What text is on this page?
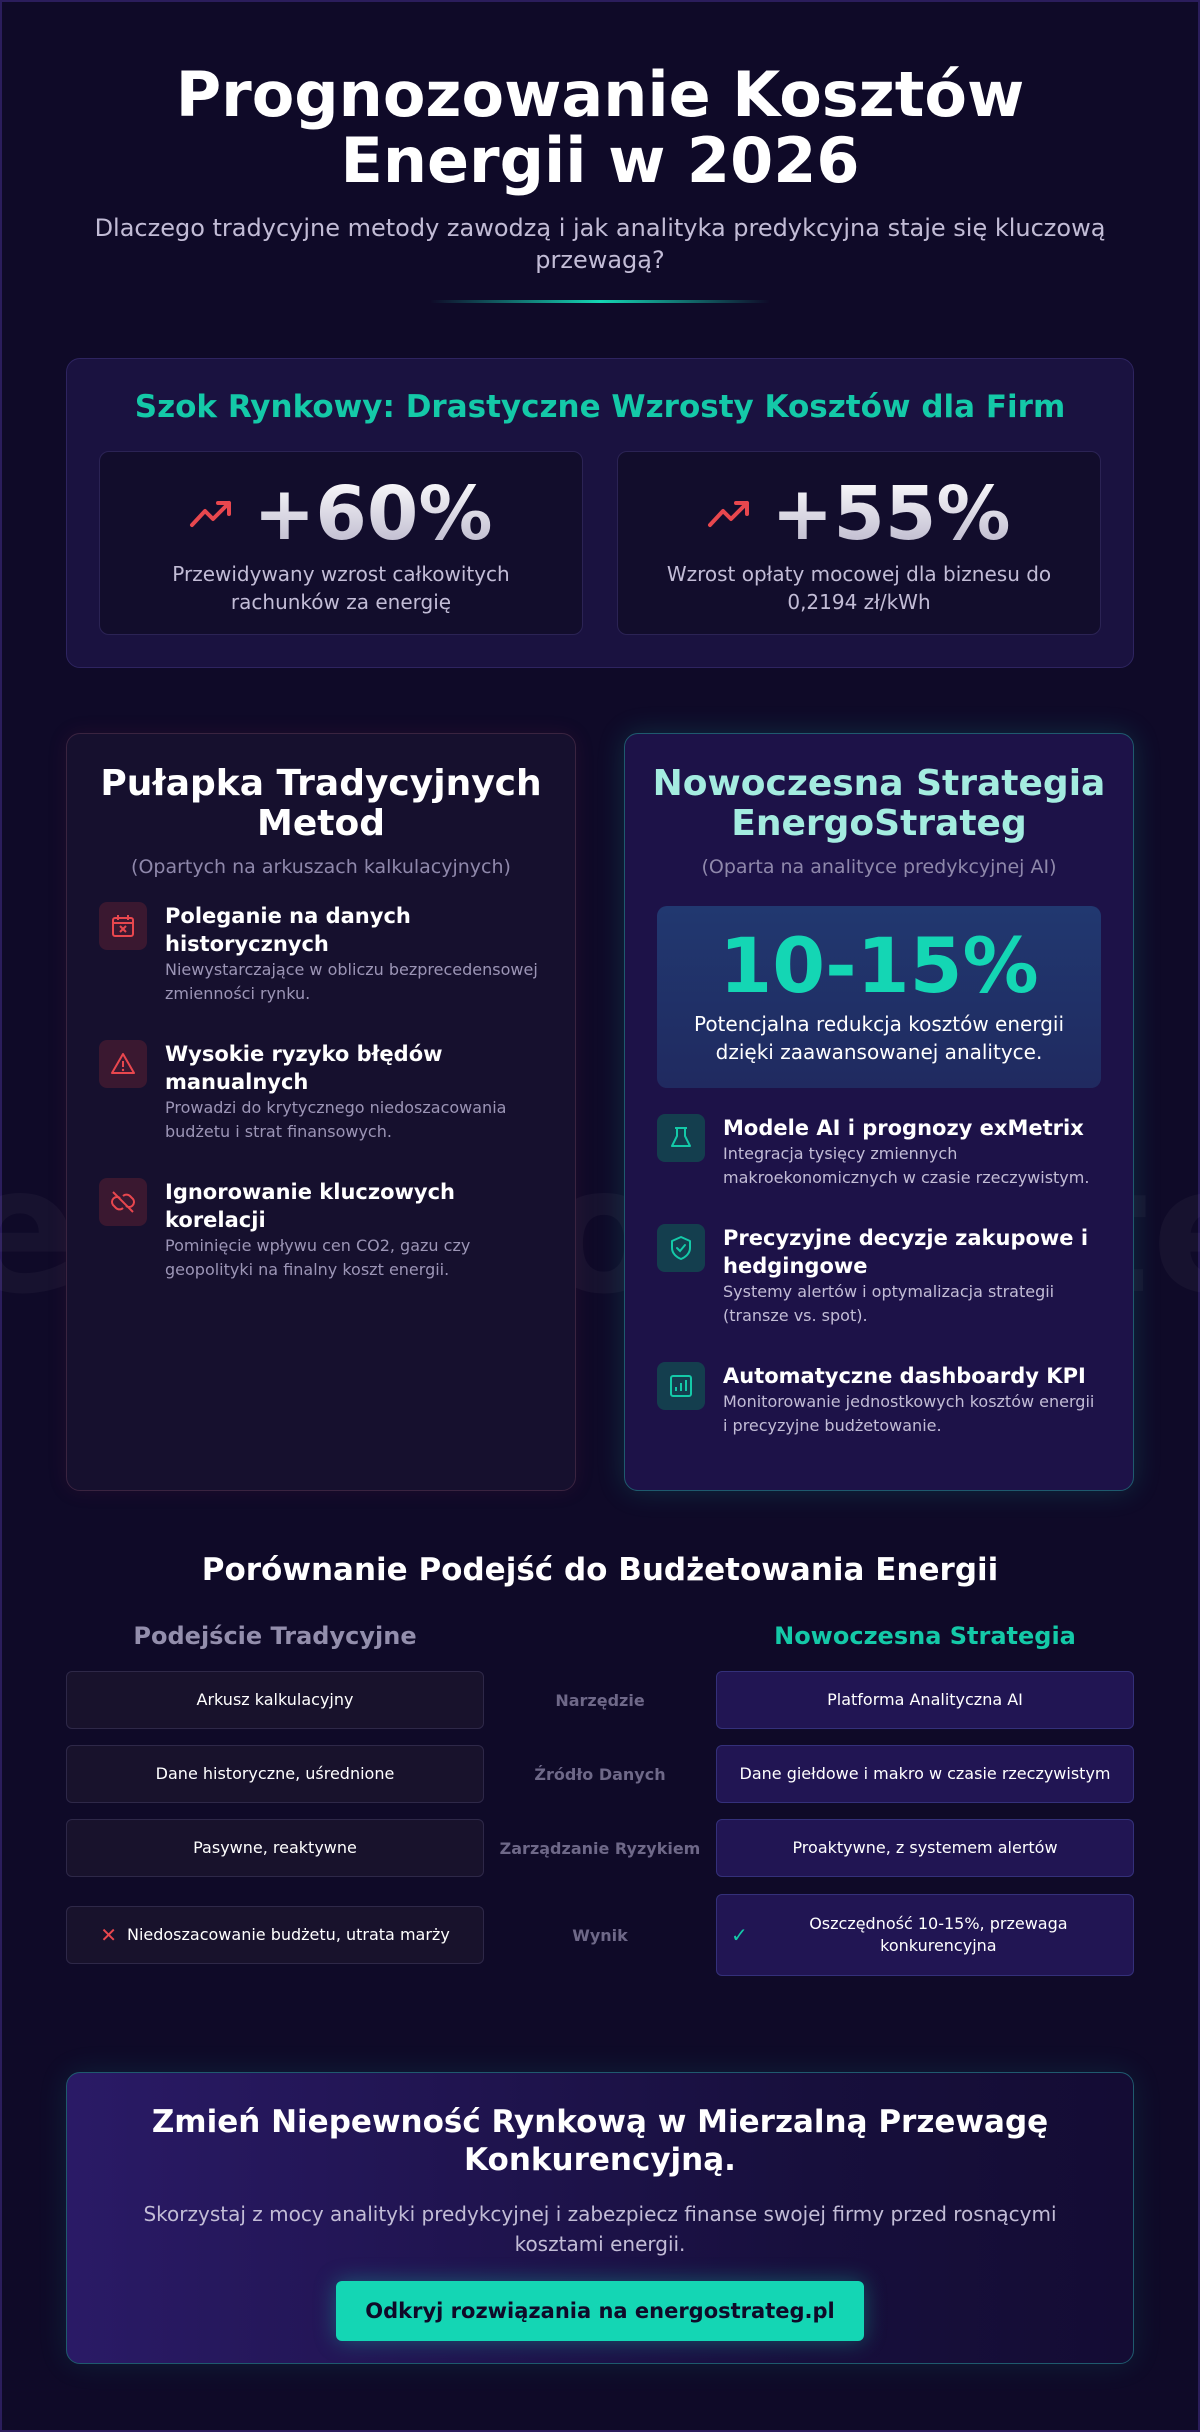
Prognozowanie Kosztów Energii w 2026

Dlaczego tradycyjne metody zawodzą i jak analityka predykcyjna staje się kluczową przewagą?

Szok Rynkowy: Drastyczne Wzrosty Kosztów dla Firm
+60%

Przewidywany wzrost całkowitych rachunków za energię

+55%

Wzrost opłaty mocowej dla biznesu do 0,2194 zł/kWh

Pułapka Tradycyjnych Metod

(Opartych na arkuszach kalkulacyjnych)

Poleganie na danych historycznych
Niewystarczające w obliczu bezprecedensowej zmienności rynku.
Wysokie ryzyko błędów manualnych
Prowadzi do krytycznego niedoszacowania budżetu i strat finansowych.
Ignorowanie kluczowych korelacji
Pominięcie wpływu cen CO2, gazu czy geopolityki na finalny koszt energii.
Nowoczesna Strategia EnergoStrateg

(Oparta na analityce predykcyjnej AI)

10-15%
Potencjalna redukcja kosztów energii dzięki zaawansowanej analityce.
Modele AI i prognozy exMetrix
Integracja tysięcy zmiennych makroekonomicznych w czasie rzeczywistym.
Precyzyjne decyzje zakupowe i hedgingowe
Systemy alertów i optymalizacja strategii (transze vs. spot).
Automatyczne dashboardy KPI
Monitorowanie jednostkowych kosztów energii i precyzyjne budżetowanie.
Porównanie Podejść do Budżetowania Energii
Podejście Tradycyjne	Nowoczesna Strategia
Arkusz kalkulacyjny	Narzędzie	Platforma Analityczna AI
Dane historyczne, uśrednione	Źródło Danych	Dane giełdowe i makro w czasie rzeczywistym
Pasywne, reaktywne	Zarządzanie Ryzykiem	Proaktywne, z systemem alertów
✕ Niedoszacowanie budżetu, utrata marży	Wynik	✓	Oszczędność 10-15%, przewaga konkurencyjna
Zmień Niepewność Rynkową w Mierzalną Przewagę Konkurencyjną.

Skorzystaj z mocy analityki predykcyjnej i zabezpiecz finanse swojej firmy przed rosnącymi kosztami energii.

Odkryj rozwiązania na energostrateg.pl
